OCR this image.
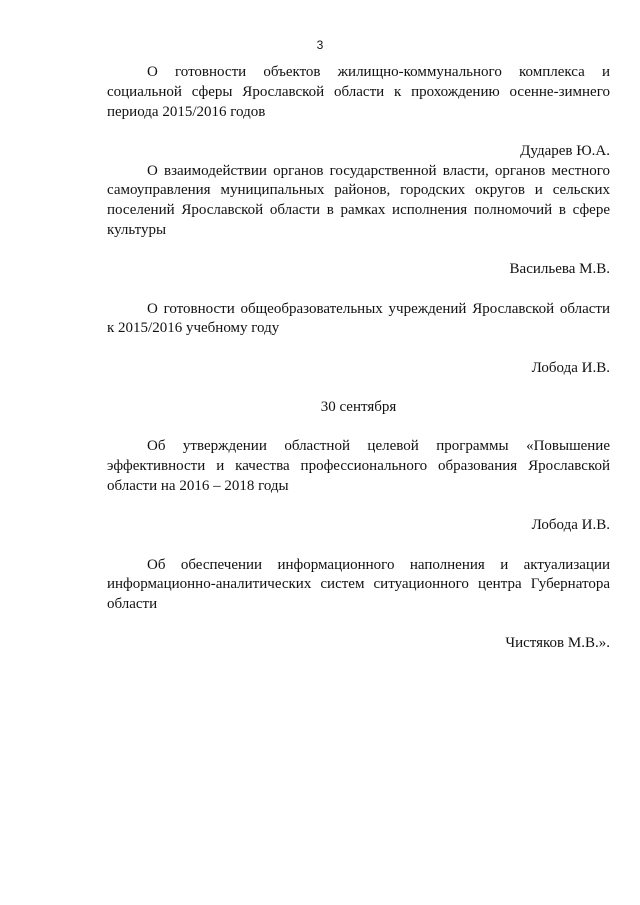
3

О готовности объектов жилищно-коммунального комплекса и социальной сферы Ярославской области к прохождению осенне-зимнего периода 2015/2016 годов

Дударев Ю.А.

О взаимодействии органов государственной власти, органов местного самоуправления муниципальных районов, городских округов и сельских поселений Ярославской области в рамках исполнения полномочий в сфере культуры

Васильева М.В.

О готовности общеобразовательных учреждений Ярославской области к 2015/2016 учебному году

Лобода И.В.

30 сентября

Об утверждении областной целевой программы «Повышение эффективности и качества профессионального образования Ярославской области на 2016 – 2018 годы

Лобода И.В.

Об обеспечении информационного наполнения и актуализации информационно-аналитических систем ситуационного центра Губернатора области

Чистяков М.В.».
